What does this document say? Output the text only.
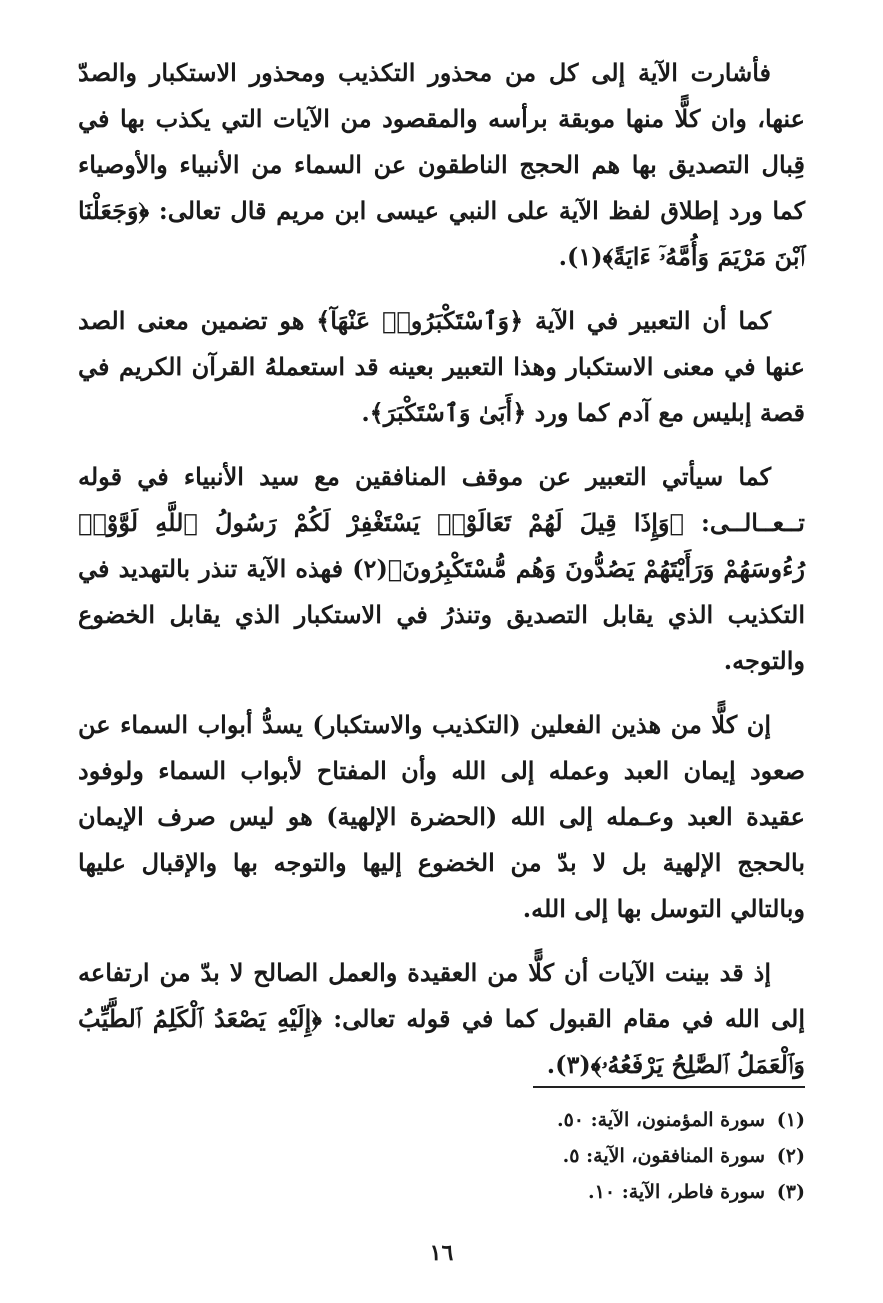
فأشارت الآية إلى كل من محذور التكذيب ومحذور الاستكبار والصدّ عنها، وان كلًّا منها موبقة برأسه والمقصود من الآيات التي يكذب بها في قِبال التصديق بها هم الحجج الناطقون عن السماء من الأنبياء والأوصياء كما ورد إطلاق لفظ الآية على النبي عيسى ابن مريم قال تعالى: ﴿وَجَعَلْنَا ٱبْنَ مَرْيَمَ وَأُمَّهُۥٓ ءَايَةً﴾(١).

كما أن التعبير في الآية ﴿وَٱسْتَكْبَرُوا۟ عَنْهَآ﴾ هو تضمين معنى الصد عنها في معنى الاستكبار وهذا التعبير بعينه قد استعملهُ القرآن الكريم في قصة إبليس مع آدم كما ورد ﴿أَبَىٰ وَٱسْتَكْبَرَ﴾.

كما سيأتي التعبير عن موقف المنافقين مع سيد الأنبياء في قوله تــعــالــى: ﴿وَإِذَا قِيلَ لَهُمْ تَعَالَوْا۟ يَسْتَغْفِرْ لَكُمْ رَسُولُ ٱللَّهِ لَوَّوْا۟ رُءُوسَهُمْ وَرَأَيْتَهُمْ يَصُدُّونَ وَهُم مُّسْتَكْبِرُونَ﴾(٢) فهذه الآية تنذر بالتهديد في التكذيب الذي يقابل التصديق وتنذرُ في الاستكبار الذي يقابل الخضوع والتوجه.

إن كلًّا من هذين الفعلين (التكذيب والاستكبار) يسدُّ أبواب السماء عن صعود إيمان العبد وعمله إلى الله وأن المفتاح لأبواب السماء ولوفود عقيدة العبد وعـمله إلى الله (الحضرة الإلهية) هو ليس صرف الإيمان بالحجج الإلهية بل لا بدّ من الخضوع إليها والتوجه بها والإقبال عليها وبالتالي التوسل بها إلى الله.

إذ قد بينت الآيات أن كلًّا من العقيدة والعمل الصالح لا بدّ من ارتفاعه إلى الله في مقام القبول كما في قوله تعالى: ﴿إِلَيْهِ يَصْعَدُ ٱلْكَلِمُ ٱلطَّيِّبُ وَٱلْعَمَلُ ٱلصَّٰلِحُ يَرْفَعُهُۥ﴾(٣).

(١)سورة المؤمنون، الآية: ٥٠.
(٢)سورة المنافقون، الآية: ٥.
(٣)سورة فاطر، الآية: ١٠.
١٦
